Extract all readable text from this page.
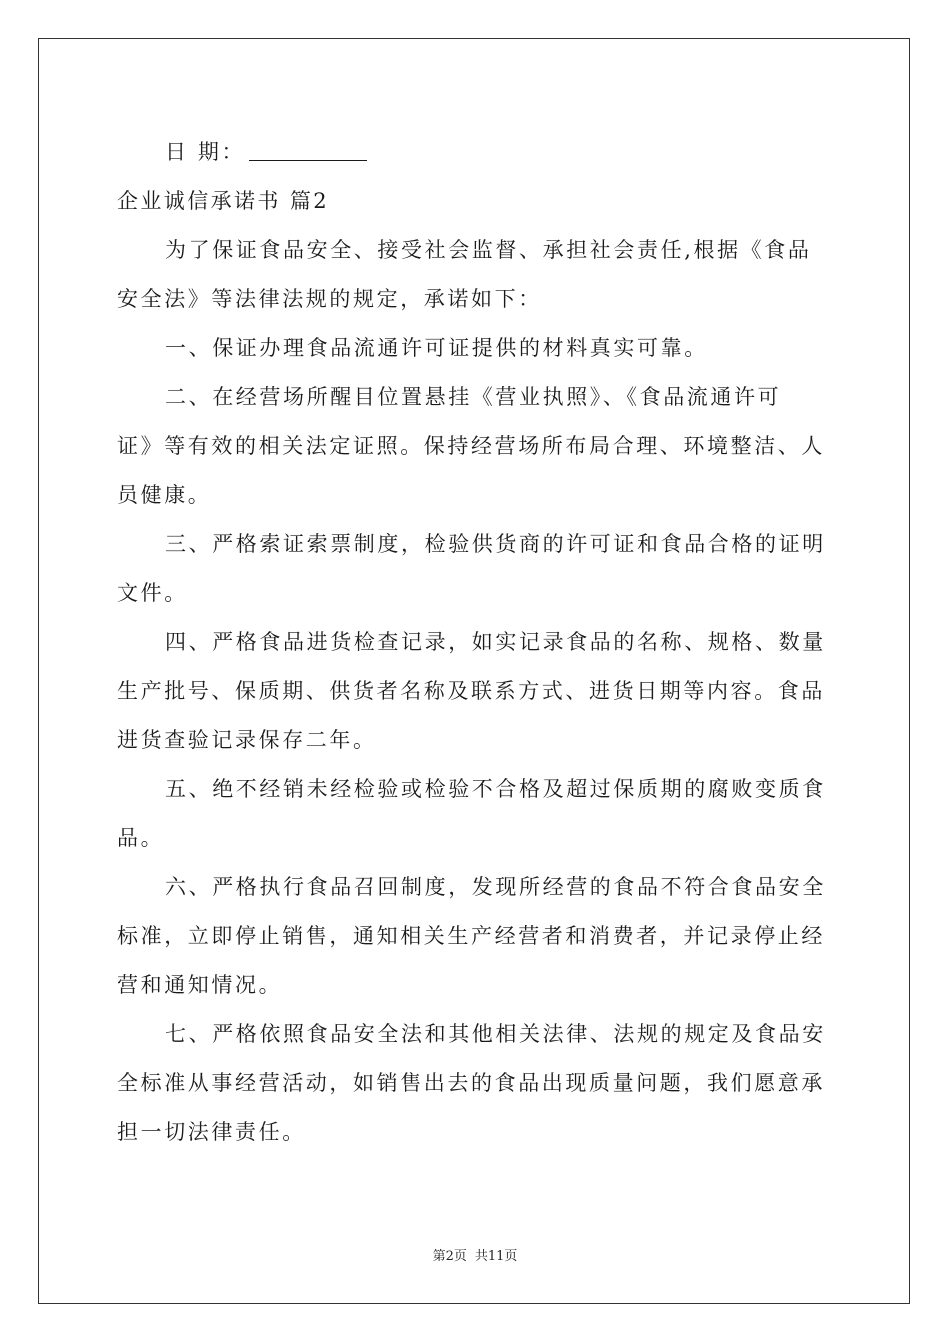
日 期：

企业诚信承诺书 篇2

为了保证食品安全、接受社会监督、承担社会责任,根据《食品

安全法》等法律法规的规定，承诺如下：

一、保证办理食品流通许可证提供的材料真实可靠。

二、在经营场所醒目位置悬挂《营业执照》、《食品流通许可

证》等有效的相关法定证照。保持经营场所布局合理、环境整洁、人

员健康。

三、严格索证索票制度，检验供货商的许可证和食品合格的证明

文件。

四、严格食品进货检查记录，如实记录食品的名称、规格、数量

生产批号、保质期、供货者名称及联系方式、进货日期等内容。食品

进货查验记录保存二年。

五、绝不经销未经检验或检验不合格及超过保质期的腐败变质食

品。

六、严格执行食品召回制度，发现所经营的食品不符合食品安全

标准，立即停止销售，通知相关生产经营者和消费者，并记录停止经

营和通知情况。

七、严格依照食品安全法和其他相关法律、法规的规定及食品安

全标准从事经营活动，如销售出去的食品出现质量问题，我们愿意承

担一切法律责任。

第2页 共11页
